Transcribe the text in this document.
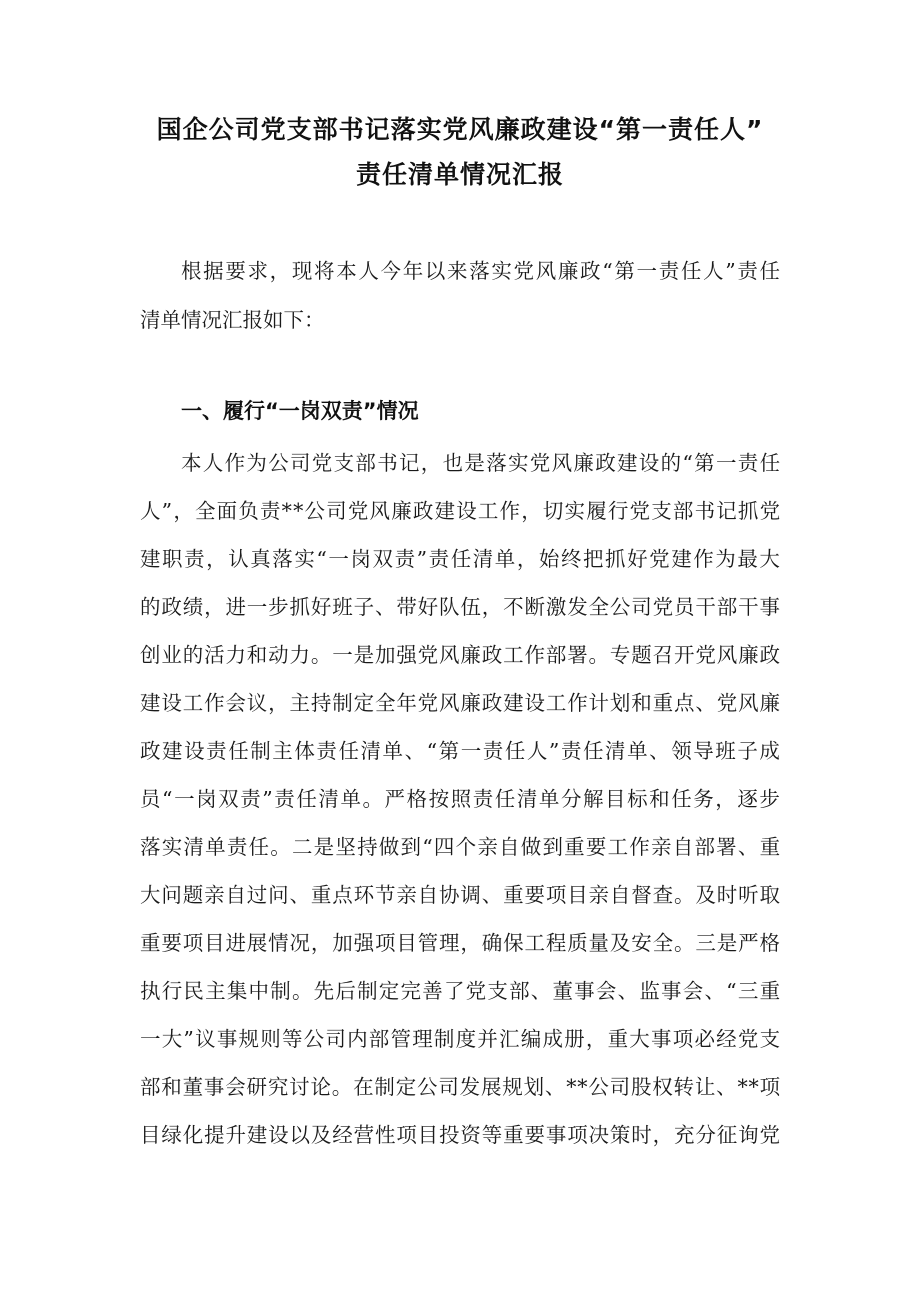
国企公司党支部书记落实党风廉政建设“第一责任人”
责任清单情况汇报
根据要求，现将本人今年以来落实党风廉政“第一责任人”责任
清单情况汇报如下：
一、履行“一岗双责”情况
本人作为公司党支部书记，也是落实党风廉政建设的“第一责任
人”，全面负责**公司党风廉政建设工作，切实履行党支部书记抓党
建职责，认真落实“一岗双责”责任清单，始终把抓好党建作为最大
的政绩，进一步抓好班子、带好队伍，不断激发全公司党员干部干事
创业的活力和动力。一是加强党风廉政工作部署。专题召开党风廉政
建设工作会议，主持制定全年党风廉政建设工作计划和重点、党风廉
政建设责任制主体责任清单、“第一责任人”责任清单、领导班子成
员“一岗双责”责任清单。严格按照责任清单分解目标和任务，逐步
落实清单责任。二是坚持做到“四个亲自做到重要工作亲自部署、重
大问题亲自过问、重点环节亲自协调、重要项目亲自督查。及时听取
重要项目进展情况，加强项目管理，确保工程质量及安全。三是严格
执行民主集中制。先后制定完善了党支部、董事会、监事会、“三重
一大”议事规则等公司内部管理制度并汇编成册，重大事项必经党支
部和董事会研究讨论。在制定公司发展规划、**公司股权转让、**项
目绿化提升建设以及经营性项目投资等重要事项决策时，充分征询党
